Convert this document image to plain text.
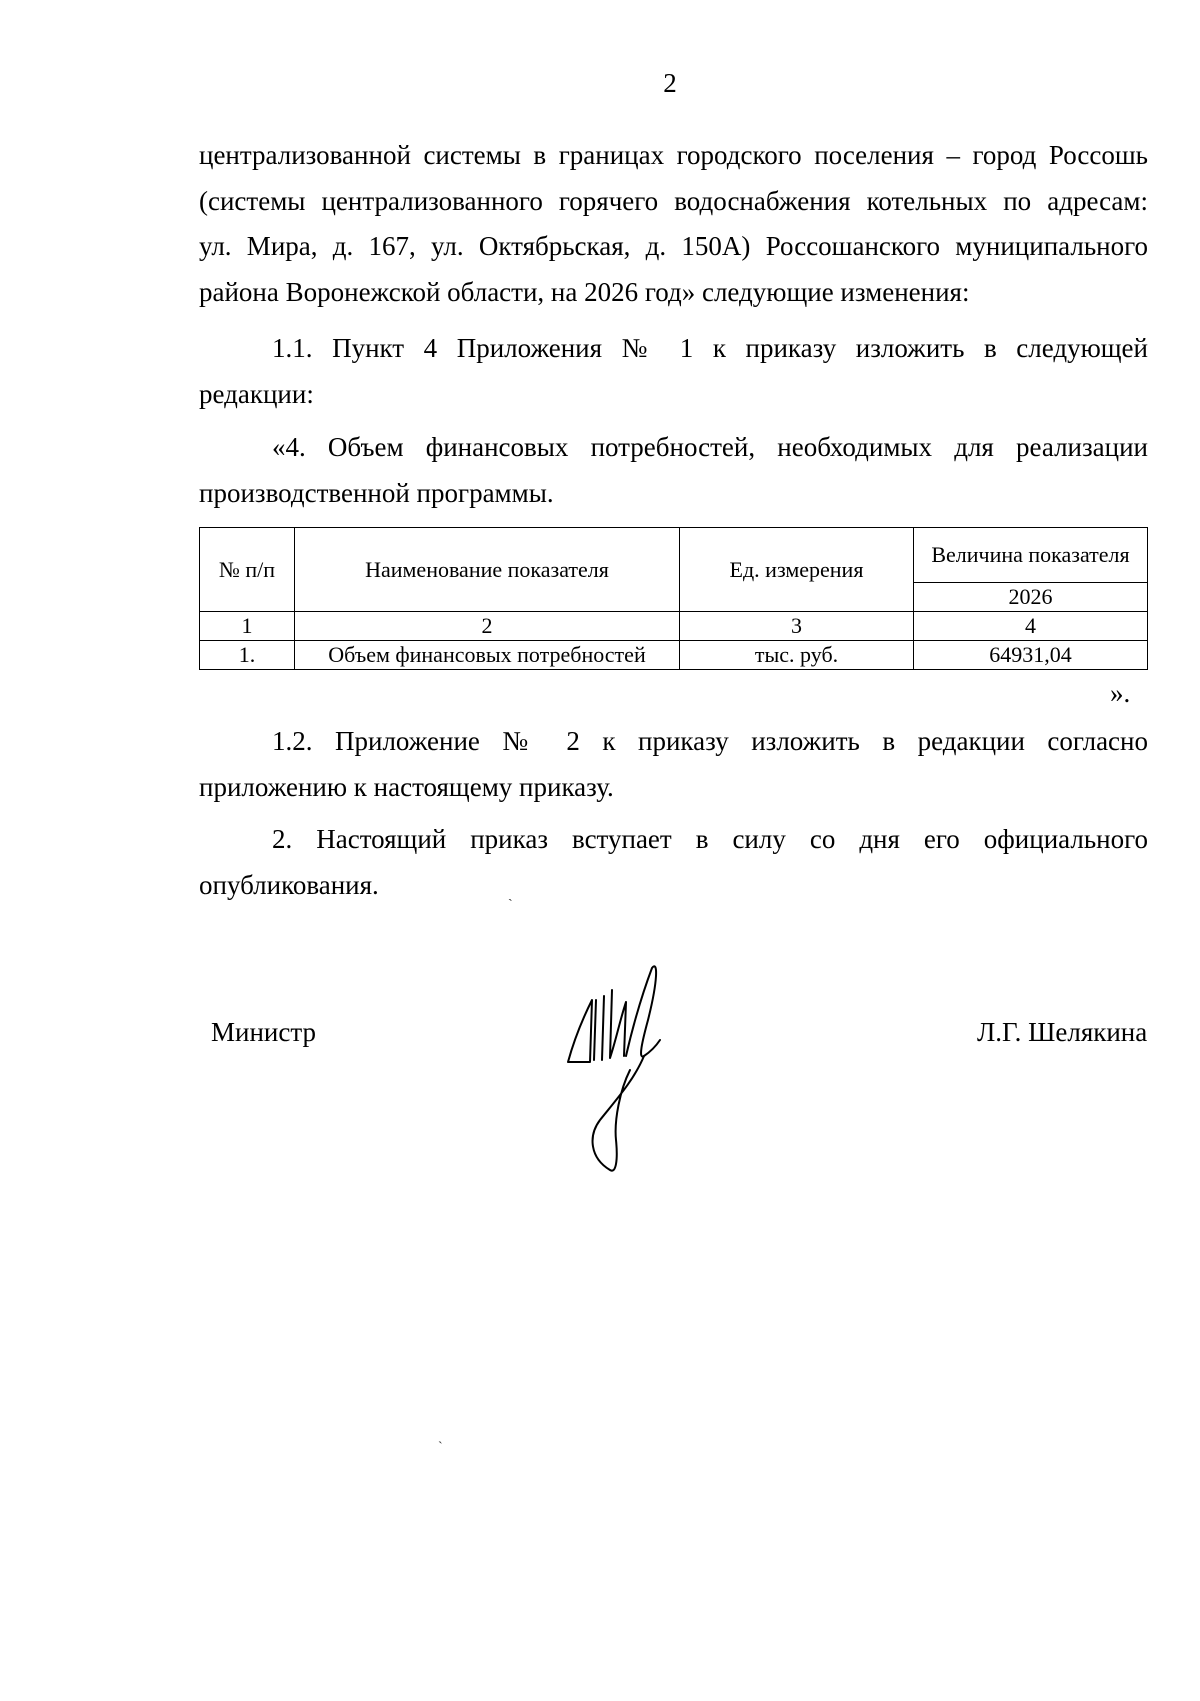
2
централизованной системы в границах городского поселения – город Россошь
(системы централизованного горячего водоснабжения котельных по адресам:
ул. Мира, д. 167, ул. Октябрьская, д. 150А) Россошанского муниципального
района Воронежской области, на 2026 год» следующие изменения:
1.1. Пункт 4 Приложения № 1 к приказу изложить в следующей
редакции:
«4. Объем финансовых потребностей, необходимых для реализации
производственной программы.
№ п/п	Наименование показателя	Ед. измерения	Величина показателя
			2026
1	2	3	4
1.	Объем финансовых потребностей	тыс. руб.	64931,04
».
1.2. Приложение № 2 к приказу изложить в редакции согласно
приложению к настоящему приказу.
2. Настоящий приказ вступает в силу со дня его официального
опубликования.
Министр	Л.Г. Шелякина
ˎ
ˋ
